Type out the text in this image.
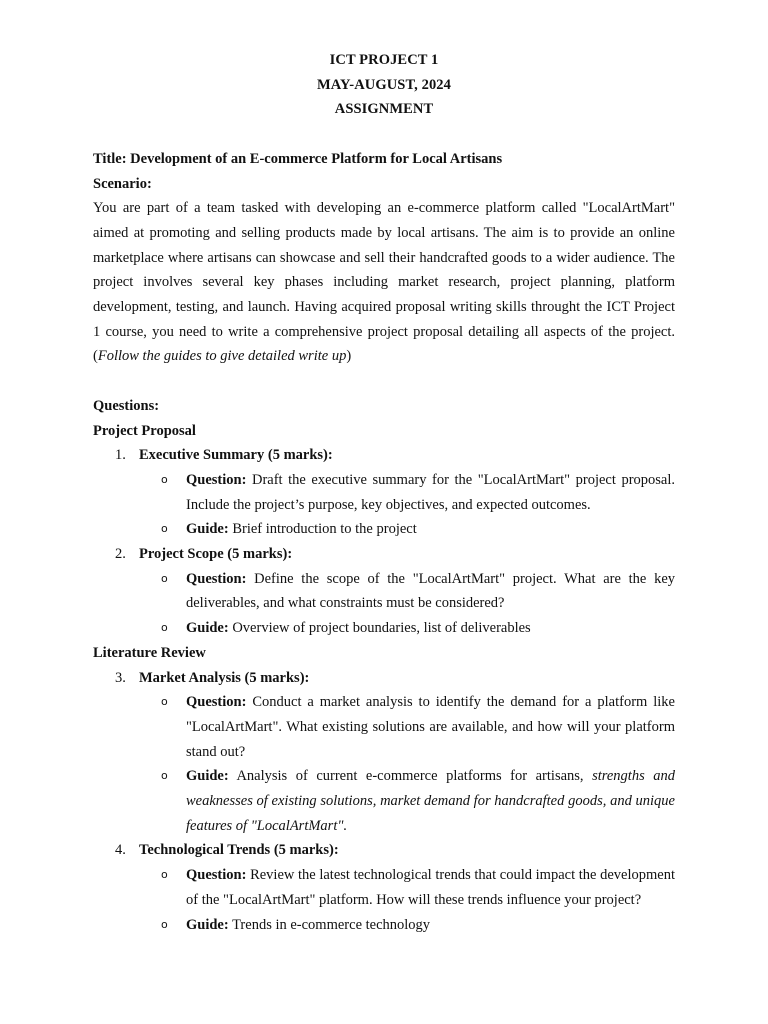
ICT PROJECT 1
MAY-AUGUST, 2024
ASSIGNMENT
Title: Development of an E-commerce Platform for Local Artisans
Scenario:
You are part of a team tasked with developing an e-commerce platform called "LocalArtMart" aimed at promoting and selling products made by local artisans. The aim is to provide an online marketplace where artisans can showcase and sell their handcrafted goods to a wider audience. The project involves several key phases including market research, project planning, platform development, testing, and launch. Having acquired proposal writing skills throught the ICT Project 1 course, you need to write a comprehensive project proposal detailing all aspects of the project. (Follow the guides to give detailed write up)
Questions:
Project Proposal
1. Executive Summary (5 marks):
o Question: Draft the executive summary for the "LocalArtMart" project proposal. Include the project’s purpose, key objectives, and expected outcomes.
o Guide: Brief introduction to the project
2. Project Scope (5 marks):
o Question: Define the scope of the "LocalArtMart" project. What are the key deliverables, and what constraints must be considered?
o Guide: Overview of project boundaries, list of deliverables
Literature Review
3. Market Analysis (5 marks):
o Question: Conduct a market analysis to identify the demand for a platform like "LocalArtMart". What existing solutions are available, and how will your platform stand out?
o Guide: Analysis of current e-commerce platforms for artisans, strengths and weaknesses of existing solutions, market demand for handcrafted goods, and unique features of "LocalArtMart".
4. Technological Trends (5 marks):
o Question: Review the latest technological trends that could impact the development of the "LocalArtMart" platform. How will these trends influence your project?
o Guide: Trends in e-commerce technology
